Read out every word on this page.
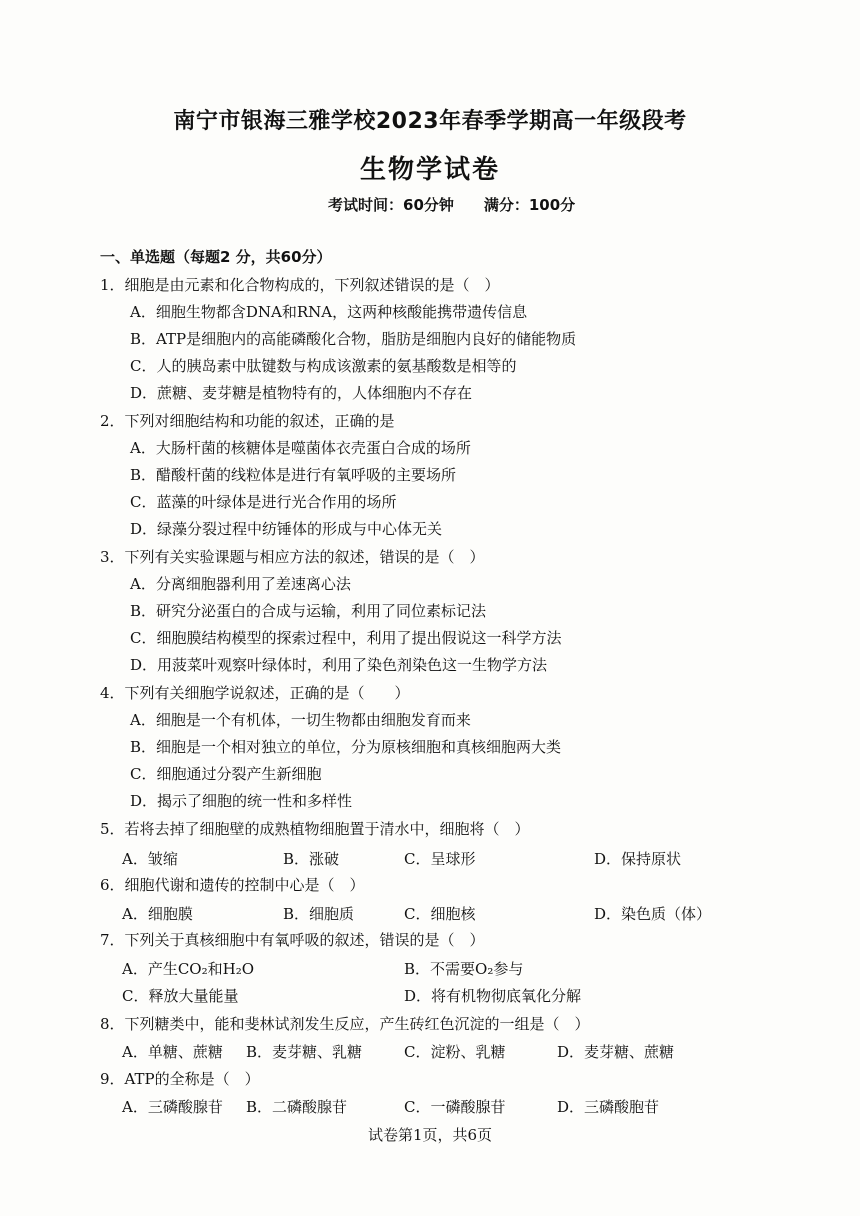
南宁市银海三雅学校2023年春季学期高一年级段考
生物学试卷
考试时间：60分钟 满分：100分
一、单选题（每题2 分，共60分）
1．细胞是由元素和化合物构成的，下列叙述错误的是（　）
A．细胞生物都含DNA和RNA，这两种核酸能携带遗传信息
B．ATP是细胞内的高能磷酸化合物，脂肪是细胞内良好的储能物质
C．人的胰岛素中肽键数与构成该激素的氨基酸数是相等的
D．蔗糖、麦芽糖是植物特有的，人体细胞内不存在
2．下列对细胞结构和功能的叙述，正确的是
A．大肠杆菌的核糖体是噬菌体衣壳蛋白合成的场所
B．醋酸杆菌的线粒体是进行有氧呼吸的主要场所
C．蓝藻的叶绿体是进行光合作用的场所
D．绿藻分裂过程中纺锤体的形成与中心体无关
3．下列有关实验课题与相应方法的叙述，错误的是（　）
A．分离细胞器利用了差速离心法
B．研究分泌蛋白的合成与运输，利用了同位素标记法
C．细胞膜结构模型的探索过程中，利用了提出假说这一科学方法
D．用菠菜叶观察叶绿体时，利用了染色剂染色这一生物学方法
4．下列有关细胞学说叙述，正确的是（　　）
A．细胞是一个有机体，一切生物都由细胞发育而来
B．细胞是一个相对独立的单位，分为原核细胞和真核细胞两大类
C．细胞通过分裂产生新细胞
D．揭示了细胞的统一性和多样性
5．若将去掉了细胞壁的成熟植物细胞置于清水中，细胞将（　）
A．皱缩	B．涨破	C．呈球形	D．保持原状
6．细胞代谢和遗传的控制中心是（　）
A．细胞膜	B．细胞质	C．细胞核	D．染色质（体）
7．下列关于真核细胞中有氧呼吸的叙述，错误的是（　）
A．产生CO₂和H₂O	B．不需要O₂参与
C．释放大量能量	D．将有机物彻底氧化分解
8．下列糖类中，能和斐林试剂发生反应，产生砖红色沉淀的一组是（　）
A．单糖、蔗糖 B．麦芽糖、乳糖	C．淀粉、乳糖	D．麦芽糖、蔗糖
9．ATP的全称是（　）
A．三磷酸腺苷 B．二磷酸腺苷	C．一磷酸腺苷	D．三磷酸胞苷
试卷第1页，共6页
